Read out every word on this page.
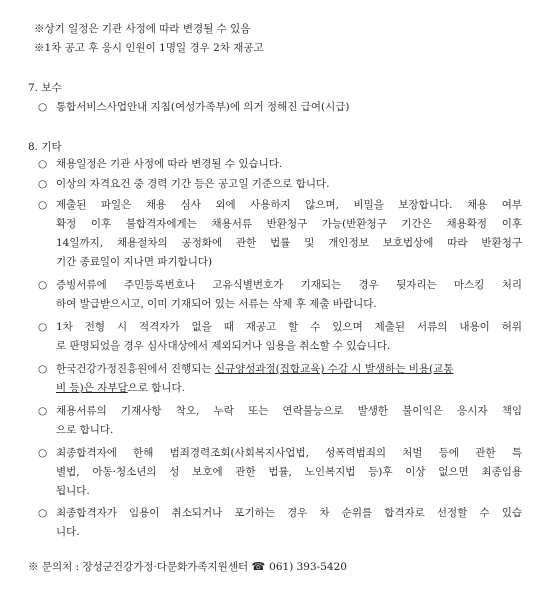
※상기 일정은 기관 사정에 따라 변경될 수 있음
※1차 공고 후 응시 인원이 1명일 경우 2차 재공고
7. 보수
○ 통합서비스사업안내 지침(여성가족부)에 의거 정해진 급여(시급)
8. 기타
○ 채용일정은 기관 사정에 따라 변경될 수 있습니다.
○ 이상의 자격요건 중 경력 기간 등은 공고일 기준으로 합니다.
○ 제출된 파일은 채용 심사 외에 사용하지 않으며, 비밀을 보장합니다. 채용 여부
확정 이후 불합격자에게는 채용서류 반환청구 가능(반환청구 기간은 채용확정 이후
14일까지, 채용절차의 공정화에 관한 법률 및 개인정보 보호법상에 따라 반환청구
기간 종료일이 지나면 파기합니다)
○ 증빙서류에 주민등록번호나 고유식별번호가 기재되는 경우 뒷자리는 마스킹 처리
하여 발급받으시고, 이미 기재되어 있는 서류는 삭제 후 제출 바랍니다.
○ 1차 전형 시 적격자가 없을 때 재공고 할 수 있으며 제출된 서류의 내용이 허위
로 판명되었을 경우 심사대상에서 제외되거나 임용을 취소할 수 있습니다.
○ 한국건강가정진흥원에서 진행되는 신규양성과정(집합교육) 수강 시 발생하는 비용(교통
비 등)은 자부담으로 합니다.
○ 채용서류의 기재사항 착오, 누락 또는 연락불능으로 발생한 불이익은 응시자 책임
으로 합니다.
○ 최종합격자에 한해 범죄경력조회(사회복지사업법, 성폭력범죄의 처벌 등에 관한 특
별법, 아동·청소년의 성 보호에 관한 법률, 노인복지법 등)후 이상 없으면 최종임용
됩니다.
○ 최종합격자가 임용이 취소되거나 포기하는 경우 차 순위를 합격자로 선정할 수 있습
니다.
※ 문의처 : 장성군건강가정·다문화가족지원센터 ☎ 061) 393-5420
